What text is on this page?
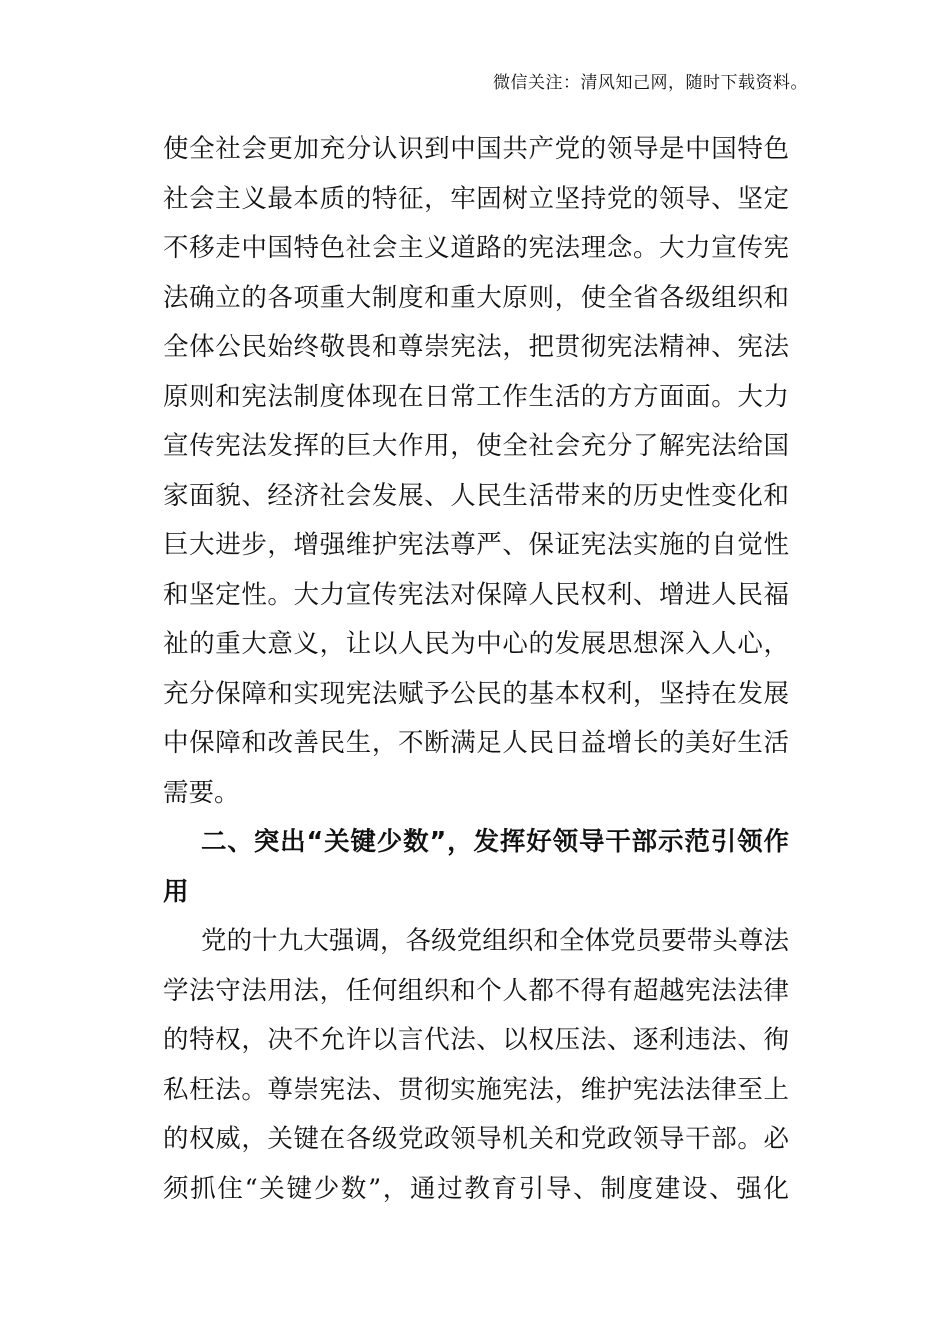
微信关注：清风知己网，随时下载资料。
使全社会更加充分认识到中国共产党的领导是中国特色
社会主义最本质的特征，牢固树立坚持党的领导、坚定
不移走中国特色社会主义道路的宪法理念。大力宣传宪
法确立的各项重大制度和重大原则，使全省各级组织和
全体公民始终敬畏和尊崇宪法，把贯彻宪法精神、宪法
原则和宪法制度体现在日常工作生活的方方面面。大力
宣传宪法发挥的巨大作用，使全社会充分了解宪法给国
家面貌、经济社会发展、人民生活带来的历史性变化和
巨大进步，增强维护宪法尊严、保证宪法实施的自觉性
和坚定性。大力宣传宪法对保障人民权利、增进人民福
祉的重大意义，让以人民为中心的发展思想深入人心，
充分保障和实现宪法赋予公民的基本权利，坚持在发展
中保障和改善民生，不断满足人民日益增长的美好生活
需要。
二、突出“关键少数”，发挥好领导干部示范引领作
用
党的十九大强调，各级党组织和全体党员要带头尊法
学法守法用法，任何组织和个人都不得有超越宪法法律
的特权，决不允许以言代法、以权压法、逐利违法、徇
私枉法。尊崇宪法、贯彻实施宪法，维护宪法法律至上
的权威，关键在各级党政领导机关和党政领导干部。必
须抓住“关键少数”，通过教育引导、制度建设、强化
